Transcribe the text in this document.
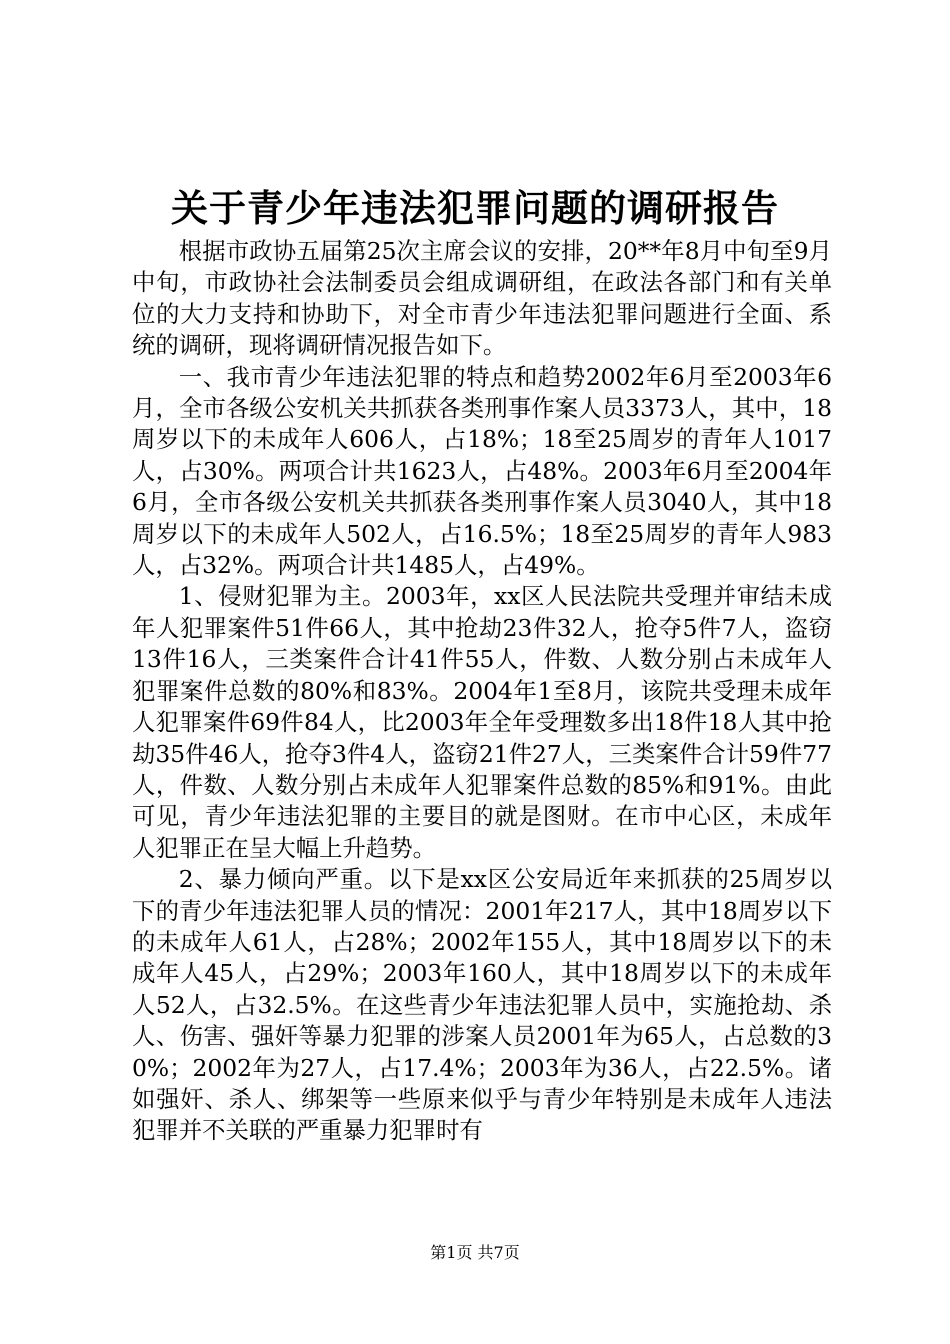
关于青少年违法犯罪问题的调研报告

根据市政协五届第25次主席会议的安排，20**年8月中旬至9月中旬，市政协社会法制委员会组成调研组，在政法各部门和有关单位的大力支持和协助下，对全市青少年违法犯罪问题进行全面、系统的调研，现将调研情况报告如下。

一、我市青少年违法犯罪的特点和趋势2002年6月至2003年6月，全市各级公安机关共抓获各类刑事作案人员3373人，其中，18周岁以下的未成年人606人，占18%；18至25周岁的青年人1017人，占30%。两项合计共1623人，占48%。2003年6月至2004年6月，全市各级公安机关共抓获各类刑事作案人员3040人，其中18周岁以下的未成年人502人，占16.5%；18至25周岁的青年人983人，占32%。两项合计共1485人，占49%。

1、侵财犯罪为主。2003年，xx区人民法院共受理并审结未成年人犯罪案件51件66人，其中抢劫23件32人，抢夺5件7人，盗窃13件16人，三类案件合计41件55人，件数、人数分别占未成年人犯罪案件总数的80%和83%。2004年1至8月，该院共受理未成年人犯罪案件69件84人，比2003年全年受理数多出18件18人其中抢劫35件46人，抢夺3件4人，盗窃21件27人，三类案件合计59件77人，件数、人数分别占未成年人犯罪案件总数的85%和91%。由此可见，青少年违法犯罪的主要目的就是图财。在市中心区，未成年人犯罪正在呈大幅上升趋势。

2、暴力倾向严重。以下是xx区公安局近年来抓获的25周岁以下的青少年违法犯罪人员的情况：2001年217人，其中18周岁以下的未成年人61人，占28%；2002年155人，其中18周岁以下的未成年人45人，占29%；2003年160人，其中18周岁以下的未成年人52人，占32.5%。在这些青少年违法犯罪人员中，实施抢劫、杀人、伤害、强奸等暴力犯罪的涉案人员2001年为65人，占总数的30%；2002年为27人，占17.4%；2003年为36人，占22.5%。诸如强奸、杀人、绑架等一些原来似乎与青少年特别是未成年人违法犯罪并不关联的严重暴力犯罪时有

第1页 共7页
